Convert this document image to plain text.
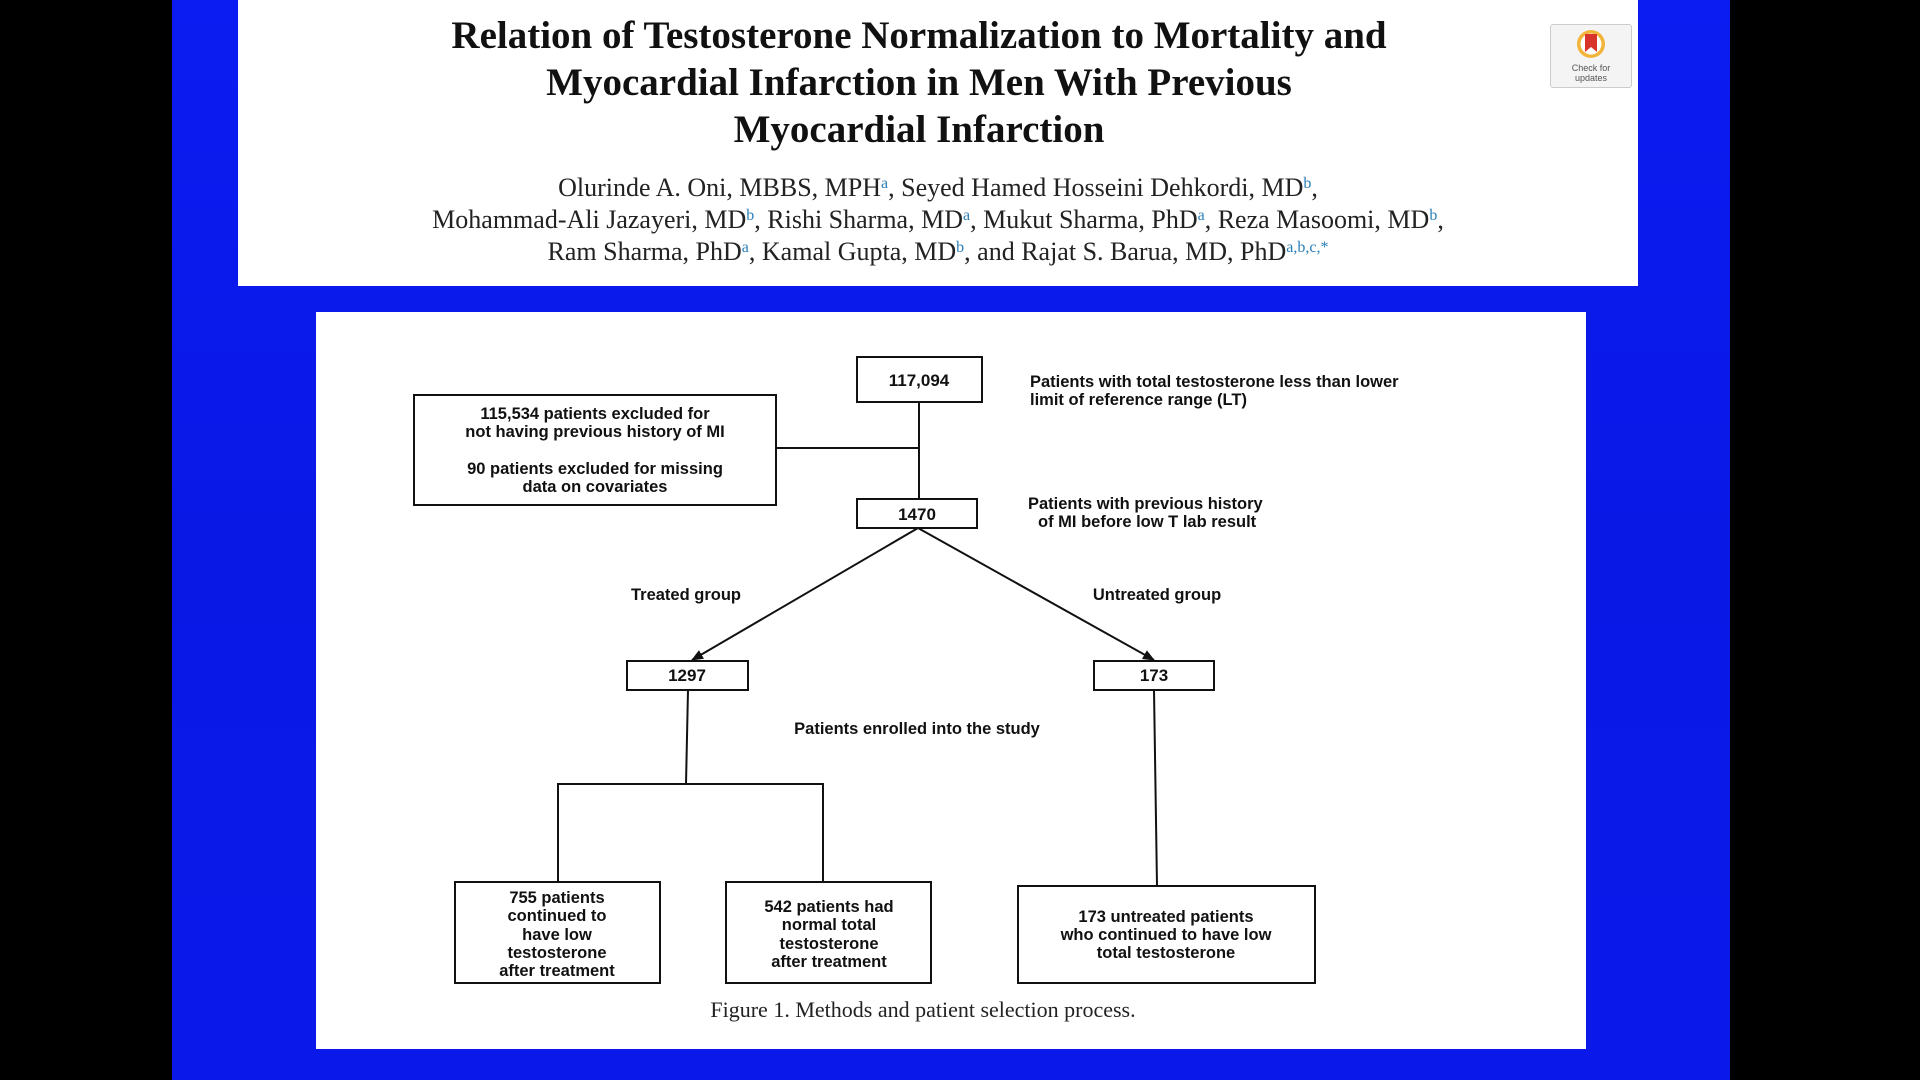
Relation of Testosterone Normalization to Mortality and
Myocardial Infarction in Men With Previous
Myocardial Infarction
Check for
updates
Olurinde A. Oni, MBBS, MPH$^a$, Seyed Hamed Hosseini Dehkordi, $MD^b$,
Mohammad-Ali Jazayeri, $MD^b$, Rishi Sharma, $MD^a$, Mukut Sharma, PhD$^a$, Reza Masoomi, $MD^b$,
Ram Sharma, PhD$^a$, Kamal Gupta, $MD^b$, and Rajat S. Barua, MD, PhD$^{a,b,c,*}$
117,094	Patients with total testosterone less than lower
limit of reference range (LT)
115,534 patients excluded for
not having previous history of MI
90 patients excluded for missing
data on covariates
1470
Patients with previous history
of MI before low T lab result
Treated group	Untreated group
1297	173
Patients enrolled into the study
755 patients
continued to
have low
testosterone
after treatment
542 patients had
normal total
testosterone
after treatment
173 untreated patients
who continued to have low
total testosterone
Figure 1. Methods and patient selection process.
